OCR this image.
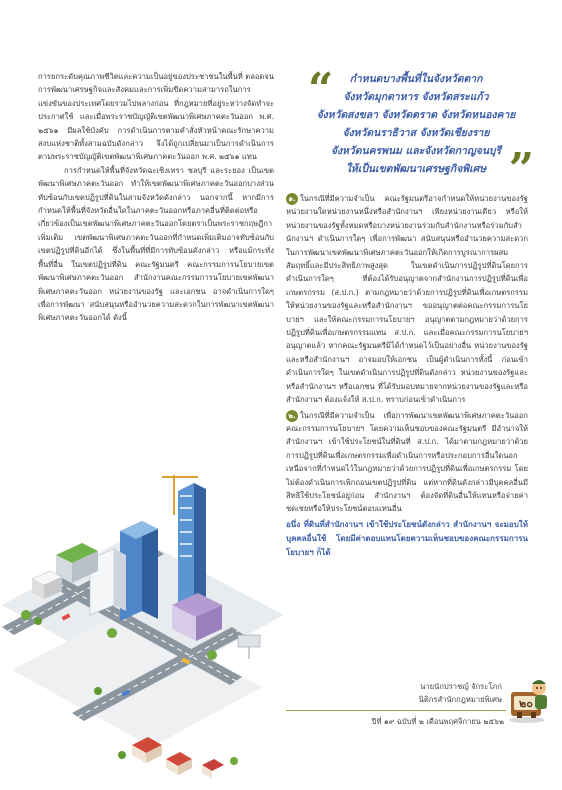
การยกระดับคุณภาพชีวิตและความเป็นอยู่ของประชาชนในพื้นที่ ตลอดจนการพัฒนาเศรษฐกิจและสังคมและการเพิ่มขีดความสามารถในการแข่งขันของประเทศโดยรวมไปพลางก่อน ที่กฎหมายที่อยู่ระหว่างจัดทำจะประกาศใช้ และเมื่อพระราชบัญญัติเขตพัฒนาพิเศษภาคตะวันออก พ.ศ. ๒๕๖๑ มีผลใช้บังคับ การดำเนินการตามคำสั่งหัวหน้าคณะรักษาความสงบแห่งชาติทั้งสามฉบับดังกล่าว จึงได้ถูกเปลี่ยนมาเป็นการดำเนินการตามพระราชบัญญัติเขตพัฒนาพิเศษภาคตะวันออก พ.ศ. ๒๕๖๑ แทน

การกำหนดให้พื้นที่จังหวัดฉะเชิงเทรา ชลบุรี และระยอง เป็นเขตพัฒนาพิเศษภาคตะวันออก ทำให้เขตพัฒนาพิเศษภาคตะวันออกบางส่วนทับซ้อนกับเขตปฏิรูปที่ดินในสามจังหวัดดังกล่าว นอกจากนี้ หากมีการกำหนดให้พื้นที่จังหวัดอื่นใดในภาคตะวันออกหรือภาคอื่นที่ติดต่อหรือเกี่ยวข้องเป็นเขตพัฒนาพิเศษภาคตะวันออกโดยตราเป็นพระราชกฤษฎีกาเพิ่มเติม เขตพัฒนาพิเศษภาคตะวันออกที่กำหนดเพิ่มเติมอาจทับซ้อนกับเขตปฏิรูปที่ดินอีกได้ ซึ่งในพื้นที่ที่มีการทับซ้อนดังกล่าว หรือแม้กระทั่งพื้นที่อื่น ในเขตปฏิรูปที่ดิน คณะรัฐมนตรี คณะกรรมการนโยบายเขตพัฒนาพิเศษภาคตะวันออก สำนักงานคณะกรรมการนโยบายเขตพัฒนาพิเศษภาคตะวันออก หน่วยงานของรัฐ และเอกชน อาจดำเนินการใดๆ เพื่อการพัฒนา สนับสนุนหรืออำนวยความสะดวกในการพัฒนาเขตพัฒนาพิเศษภาคตะวันออกได้ ดังนี้

“	กำหนดบางพื้นที่ในจังหวัดตาก
จังหวัดมุกดาหาร จังหวัดสระแก้ว
จังหวัดสงขลา จังหวัดตราด จังหวัดหนองคาย
จังหวัดนราธิวาส จังหวัดเชียงราย
จังหวัดนครพนม และจังหวัดกาญจนบุรี
ให้เป็นเขตพัฒนาเศรษฐกิจพิเศษ ”

๑. ในกรณีที่มีความจำเป็น คณะรัฐมนตรีอาจกำหนดให้หน่วยงานของรัฐหน่วยงานใดหน่วยงานหนึ่งหรือสำนักงานฯ เพียงหน่วยงานเดียว หรือให้หน่วยงานของรัฐทั้งหมดหรือบางหน่วยงานร่วมกับสำนักงานหรือร่วมกับสำนักงานฯ ดำเนินการใดๆ เพื่อการพัฒนา สนับสนุนหรืออำนวยความสะดวก ในการพัฒนาเขตพัฒนาพิเศษภาคตะวันออกให้เกิดการบูรณาการผสมสัมฤทธิ์และมีประสิทธิภาพสูงสุด ในเขตดำเนินการปฏิรูปที่ดินโดยการดำเนินการใดๆ ที่ต้องได้รับอนุญาตจากสำนักงานการปฏิรูปที่ดินเพื่อเกษตรกรรม (ส.ป.ก.) ตามกฎหมายว่าด้วยการปฏิรูปที่ดินเพื่อเกษตรกรรม ให้หน่วยงานของรัฐและหรือสำนักงานฯ ขออนุญาตต่อคณะกรรมการนโยบายฯ และให้คณะกรรมการนโยบายฯ อนุญาตตามกฎหมายว่าด้วยการปฏิรูปที่ดินเพื่อเกษตรกรรมแทน ส.ป.ก. และเมื่อคณะกรรมการนโยบายฯ อนุญาตแล้ว หากคณะรัฐมนตรีมิได้กำหนดไว้เป็นอย่างอื่น หน่วยงานของรัฐและหรือสำนักงานฯ อาจมอบให้เอกชน เป็นผู้ดำเนินการทั้งนี้ ก่อนเข้าดำเนินการใดๆ ในเขตดำเนินการปฏิรูปที่ดินดังกล่าว หน่วยงานของรัฐและหรือสำนักงานฯ หรือเอกชน ที่ได้รับมอบหมายจากหน่วยงานของรัฐและหรือสำนักงานฯ ต้องแจ้งให้ ส.ป.ก. ทราบก่อนเข้าดำเนินการ

๒. ในกรณีที่มีความจำเป็น เพื่อการพัฒนาเขตพัฒนาพิเศษภาคตะวันออก คณะกรรมการนโยบายฯ โดยความเห็นชอบของคณะรัฐมนตรี มีอำนาจให้สำนักงานฯ เข้าใช้ประโยชน์ในที่ดินที่ ส.ป.ก. ได้มาตามกฎหมายว่าด้วยการปฏิรูปที่ดินเพื่อเกษตรกรรมเพื่อดำเนินการหรือประกอบการอื่นใดนอกเหนือจากที่กำหนดไว้ในกฎหมายว่าด้วยการปฏิรูปที่ดินเพื่อเกษตรกรรม โดยไม่ต้องดำเนินการเพิกถอนเขตปฏิรูปที่ดิน แต่หากที่ดินดังกล่าวมีบุคคลอื่นมีสิทธิใช้ประโยชน์อยู่ก่อน สำนักงานฯ ต้องจัดที่ดินอื่นให้แทนหรือจ่ายค่าชดเชยหรือให้ประโยชน์ตอบแทนอื่น

อนึ่ง ที่ดินที่สำนักงานฯ เข้าใช้ประโยชน์ดังกล่าว สำนักงานฯ จะมอบให้บุคคลอื่นใช้ โดยมีค่าตอบแทนโดยความเห็นชอบของคณะกรรมการนโยบายฯ ก็ได้

นายนักปราชญ์ จักระโภก
นิติกรสำนักกฎหมายพิเศษ
ปีที่ ๑๙ ฉบับที่ ๒ เดือนพฤศจิกายน ๒๕๖๒
๒๐
